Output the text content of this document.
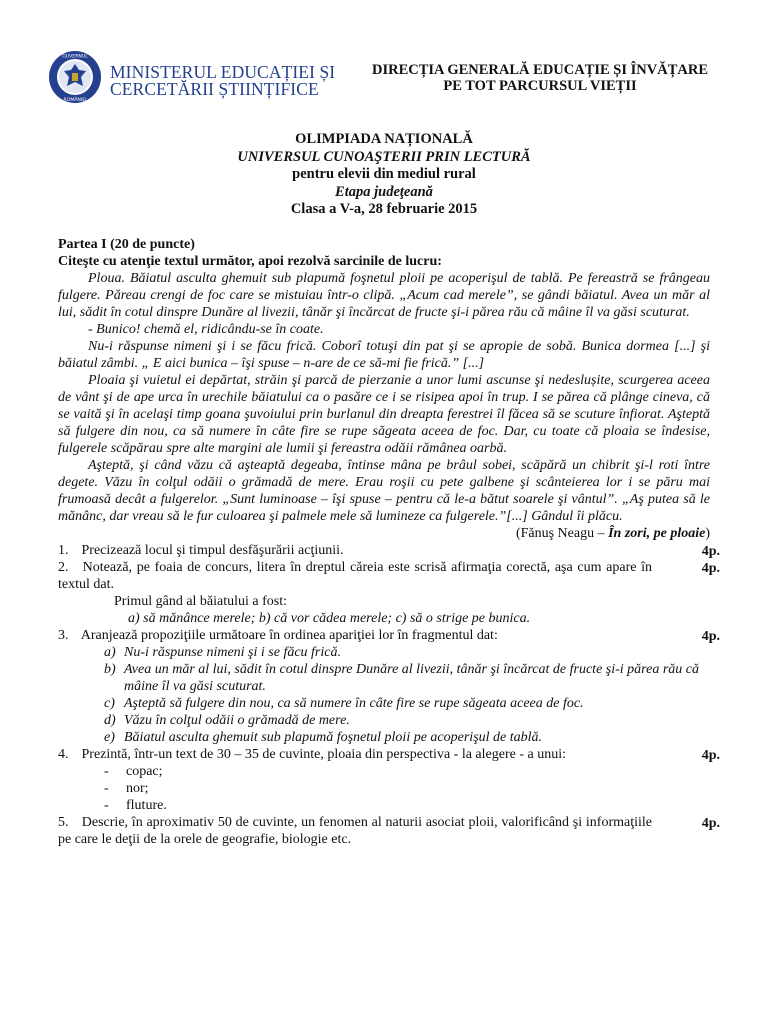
GUVERNUL
ROMÂNIEI
MINISTERUL EDUCAȚIEI ȘI
CERCETĂRII ȘTIINȚIFICE
DIRECȚIA GENERALĂ EDUCAȚIE ȘI ÎNVĂȚARE
PE TOT PARCURSUL VIEȚII
OLIMPIADA NAȚIONALĂ
UNIVERSUL CUNOAŞTERII PRIN LECTURĂ
pentru elevii din mediul rural
Etapa judeţeană
Clasa a V-a, 28 februarie 2015

Partea I (20 de puncte)

Citeşte cu atenţie textul următor, apoi rezolvă sarcinile de lucru:

Ploua. Băiatul asculta ghemuit sub plapumă foşnetul ploii pe acoperişul de tablă. Pe fereastră se frângeau fulgere. Păreau crengi de foc care se mistuiau într-o clipă. „Acum cad merele”, se gândi băiatul. Avea un măr al lui, sădit în cotul dinspre Dunăre al livezii, tânăr şi încărcat de fructe şi-i părea rău că mâine îl va găsi scuturat.

- Bunico! chemă el, ridicându-se în coate.

Nu-i răspunse nimeni şi i se făcu frică. Coborî totuşi din pat şi se apropie de sobă. Bunica dormea [...] şi băiatul zâmbi. „ E aici bunica – îşi spuse – n-are de ce să-mi fie frică.” [...]

Ploaia şi vuietul ei depărtat, străin şi parcă de pierzanie a unor lumi ascunse şi nedeslușite, scurgerea aceea de vânt şi de ape urca în urechile băiatului ca o pasăre ce i se risipea apoi în trup. I se părea că plânge cineva, că se vaită şi în acelaşi timp goana şuvoiului prin burlanul din dreapta ferestrei îl făcea să se scuture înfiorat. Aşteptă să fulgere din nou, ca să numere în câte fire se rupe săgeata aceea de foc. Dar, cu toate că ploaia se îndesise, fulgerele scăpărau spre alte margini ale lumii şi fereastra odăii rămânea oarbă.

Aşteptă, şi când văzu că aşteaptă degeaba, întinse mâna pe brâul sobei, scăpără un chibrit şi-l roti între degete. Văzu în colţul odăii o grămadă de mere. Erau roşii cu pete galbene şi scânteierea lor i se păru mai frumoasă decât a fulgerelor. „Sunt luminoase – îşi spuse – pentru că le-a bătut soarele şi vântul”. „Aş putea să le mănânc, dar vreau să le fur culoarea şi palmele mele să lumineze ca fulgerele.”[...] Gândul îi plăcu.

(Fănuş Neagu – În zori, pe ploaie)

1. Precizează locul şi timpul desfăşurării acţiunii.	4p.
2. Notează, pe foaia de concurs, litera în dreptul căreia este scrisă afirmaţia corectă, aşa cum apare în textul dat.
4p.

Primul gând al băiatului a fost:

a) să mănânce merele; b) că vor cădea merele; c) să o strige pe bunica.

3. Aranjează propoziţiile următoare în ordinea apariţiei lor în fragmentul dat:	4p.
a) Nu-i răspunse nimeni şi i se făcu frică.
b) Avea un măr al lui, sădit în cotul dinspre Dunăre al livezii, tânăr şi încărcat de fructe şi-i părea rău că mâine îl va găsi scuturat.
c) Aşteptă să fulgere din nou, ca să numere în câte fire se rupe săgeata aceea de foc.
d) Văzu în colţul odăii o grămadă de mere.
e) Băiatul asculta ghemuit sub plapumă foşnetul ploii pe acoperişul de tablă.
4. Prezintă, într-un text de 30 – 35 de cuvinte, ploaia din perspectiva - la alegere - a unui:	4p.
- copac;
- nor;
- fluture.
5. Descrie, în aproximativ 50 de cuvinte, un fenomen al naturii asociat ploii, valorificând şi informaţiile pe care le deţii de la orele de geografie, biologie etc.
4p.
